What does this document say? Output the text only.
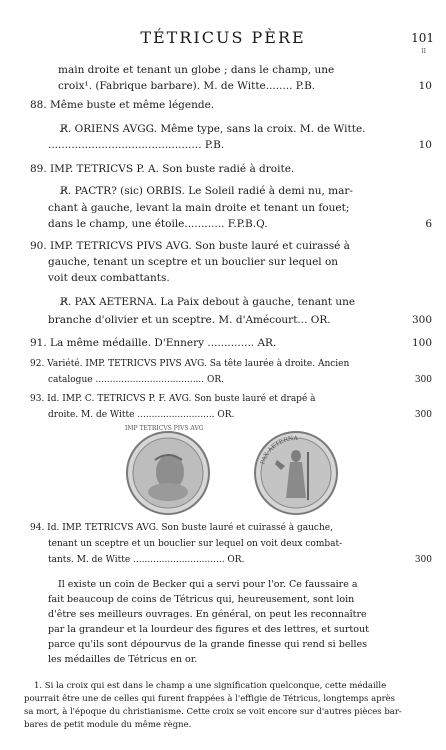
TÉTRICUS PÈRE	101
II
main droite et tenant un globe ; dans le champ, une
croix¹. (Fabrique barbare). M. de Witte........ P.B.	10
88. Même buste et même légende.
R̸. ORIENS AVGG. Même type, sans la croix. M. de Witte.
.............................................. P.B.	10
89. IMP. TETRICVS P. A. Son buste radié à droite.
R̸. PACTR? (sic) ORBIS. Le Soleil radié à demi nu, mar-
chant à gauche, levant la main droite et tenant un fouet;
dans le champ, une étoile............ F.P.B.Q.	6
90. IMP. TETRICVS PIVS AVG. Son buste lauré et cuirassé à
gauche, tenant un sceptre et un bouclier sur lequel on
voit deux combattants.
R̸. PAX AETERNA. La Paix debout à gauche, tenant une
branche d'olivier et un sceptre. M. d'Amécourt... OR.	300
91. La même médaille. D'Ennery .............. AR.	100
92. Variété. IMP. TETRICVS PIVS AVG. Sa tête laurée à droite. Ancien
catalogue ...................................... OR.	300
93. Id. IMP. C. TETRICVS P. F. AVG. Son buste lauré et drapé à
droite. M. de Witte ........................... OR.	300
IMP TETRICVS PIVS AVG
PAX AETERNA
94. Id. IMP. TETRICVS AVG. Son buste lauré et cuirassé à gauche,
tenant un sceptre et un bouclier sur lequel on voit deux combat-
tants. M. de Witte ................................ OR.	300
Il existe un coin de Becker qui a servi pour l'or. Ce faussaire a
fait beaucoup de coins de Tétricus qui, heureusement, sont loin
d'être ses meilleurs ouvrages. En général, on peut les reconnaître
par la grandeur et la lourdeur des figures et des lettres, et surtout
parce qu'ils sont dépourvus de la grande finesse qui rend si belles
les médailles de Tétricus en or.
1. Si la croix qui est dans le champ a une signification quelconque, cette médaille
pourrait être une de celles qui furent frappées à l'effigie de Tétricus, longtemps après
sa mort, à l'époque du christianisme. Cette croix se voit encore sur d'autres pièces bar-
bares de petit module du même règne.
